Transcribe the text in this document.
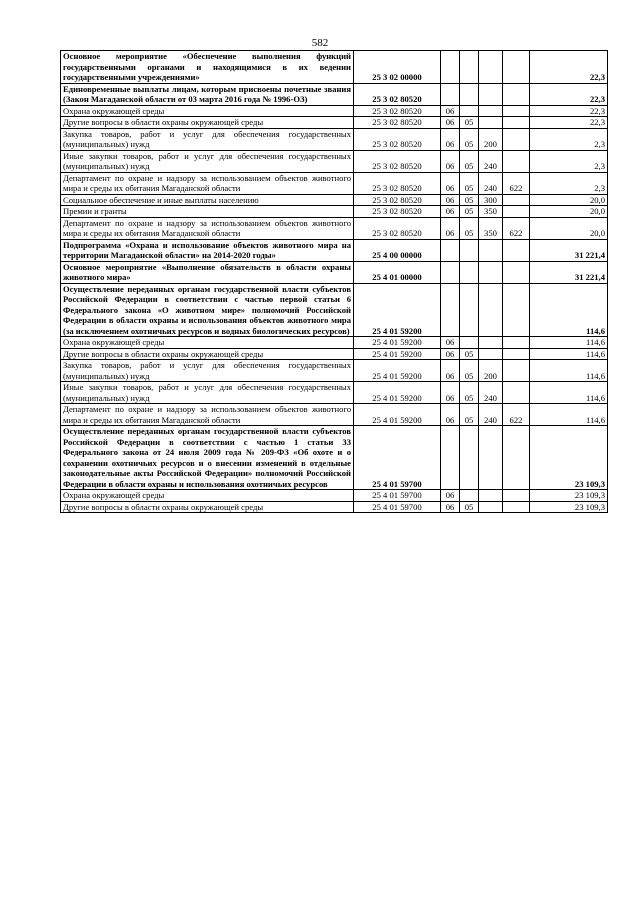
582
Основное мероприятие «Обеспечение выполнения функций государственными органами и находящимися в их ведении государственными учреждениями»	25 3 02 00000					22,3
Единовременные выплаты лицам, которым присвоены почетные звания (Закон Магаданской области от 03 марта 2016 года № 1996-ОЗ)	25 3 02 80520					22,3
Охрана окружающей среды	25 3 02 80520	06				22,3
Другие вопросы в области охраны окружающей среды	25 3 02 80520	06	05			22,3
Закупка товаров, работ и услуг для обеспечения государственных (муниципальных) нужд	25 3 02 80520	06	05	200		2,3
Иные закупки товаров, работ и услуг для обеспечения государственных (муниципальных) нужд	25 3 02 80520	06	05	240		2,3
Департамент по охране и надзору за использованием объектов животного мира и среды их обитания Магаданской области	25 3 02 80520	06	05	240	622	2,3
Социальное обеспечение и иные выплаты населению	25 3 02 80520	06	05	300		20,0
Премии и гранты	25 3 02 80520	06	05	350		20,0
Департамент по охране и надзору за использованием объектов животного мира и среды их обитания Магаданской области	25 3 02 80520	06	05	350	622	20,0
Подпрограмма «Охрана и использование объектов животного мира на территории Магаданской области» на 2014-2020 годы»	25 4 00 00000					31 221,4
Основное мероприятие «Выполнение обязательств в области охраны животного мира»	25 4 01 00000					31 221,4
Осуществление переданных органам государственной власти субъектов Российской Федерации в соответствии с частью первой статьи 6 Федерального закона «О животном мире» полномочий Российской Федерации в области охраны и использования объектов животного мира (за исключением охотничьих ресурсов и водных биологических ресурсов)	25 4 01 59200					114,6
Охрана окружающей среды	25 4 01 59200	06				114,6
Другие вопросы в области охраны окружающей среды	25 4 01 59200	06	05			114,6
Закупка товаров, работ и услуг для обеспечения государственных (муниципальных) нужд	25 4 01 59200	06	05	200		114,6
Иные закупки товаров, работ и услуг для обеспечения государственных (муниципальных) нужд	25 4 01 59200	06	05	240		114,6
Департамент по охране и надзору за использованием объектов животного мира и среды их обитания Магаданской области	25 4 01 59200	06	05	240	622	114,6
Осуществление переданных органам государственной власти субъектов Российской Федерации в соответствии с частью 1 статьи 33 Федерального закона от 24 июля 2009 года № 209-ФЗ «Об охоте и о сохранении охотничьих ресурсов и о внесении изменений в отдельные законодательные акты Российской Федерации» полномочий Российской Федерации в области охраны и использования охотничьих ресурсов	25 4 01 59700					23 109,3
Охрана окружающей среды	25 4 01 59700	06				23 109,3
Другие вопросы в области охраны окружающей среды	25 4 01 59700	06	05			23 109,3
